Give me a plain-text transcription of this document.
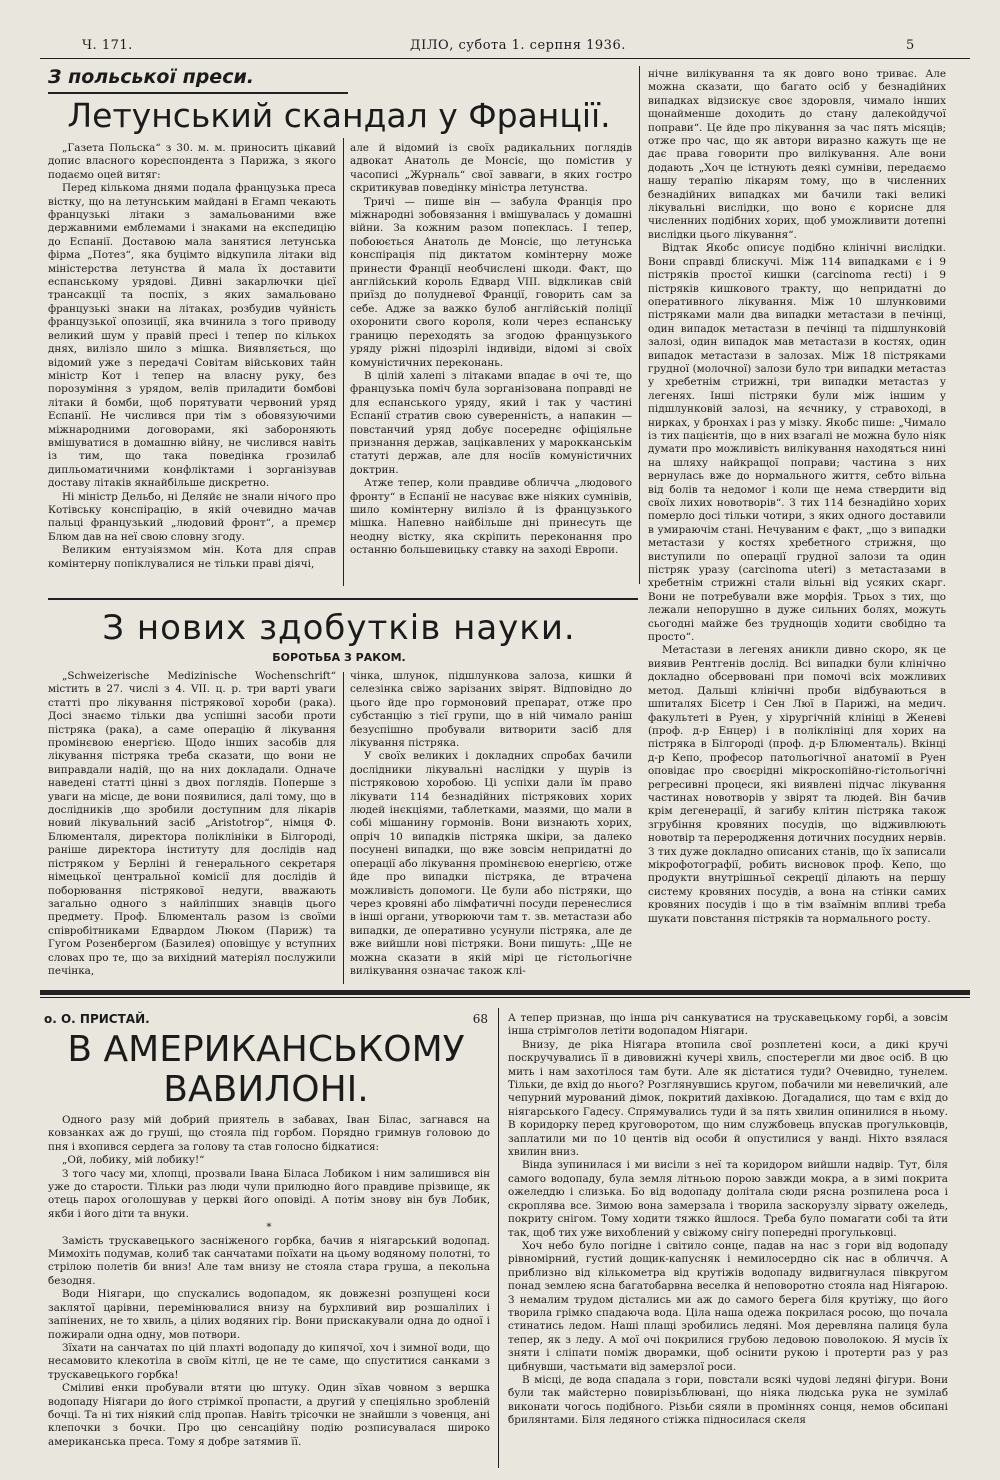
Ч. 171.	ДІЛО, субота 1. серпня 1936.	5
З польської преси.
Летунський скандал у Франції.

„Газета Польска“ з 30. м. м. приносить цікавий допис власного кореспондента з Парижа, з якого подаємо оцей витяг:

Перед кількома днями подала французька преса вістку, що на летунським майдані в Егамп чекають французькі літаки з замальованими вже державними емблемами і знаками на експедицію до Еспанії. Доставою мала занятися летунська фірма „Потез“, яка буцімто відкупила літаки від міністерства летунства й мала їх доставити еспанському урядові. Дивні закарлючки цієї трансакції та поспіх, з яких замальовано французькі знаки на літаках, розбудив чуйність французької опозиції, яка вчинила з того приводу великий шум у правій пресі і тепер по кількох днях, вилізло шило з мішка. Виявляється, що відомий уже з передачі Совітам військових тайн міністр Кот і тепер на власну руку, без порозуміння з урядом, велів приладити бомбові літаки й бомби, щоб порятувати червоний уряд Еспанії. Не числився при тім з обовязуючими міжнародними договорами, які забороняють вмішуватися в домашню війну, не числився навіть із тим, що така поведінка грозилаб дипльоматичними конфліктами і зорганізував доставу літаків якнайбільше дискретно.

Ні міністр Дельбо, ні Деляйє не знали нічого про Котівську конспірацію, в якій очевидно мачав пальці французький „людовий фронт“, а премєр Блюм дав на неї свою словну згоду.

Великим ентузіязмом мін. Кота для справ комінтерну попіклувалися не тільки праві діячі,

але й відомий із своїх радикальних поглядів адвокат Анатоль де Монсіє, що помістив у часописі „Журналь“ свої завваги, в яких гостро скритикував поведінку міністра летунства.

Тричі — пише він — забула Франція про міжнародні зобовязання і вмішувалась у домашні війни. За кожним разом попеклась. І тепер, побоюється Анатоль де Монсіє, що летунська конспірація під диктатом комінтерну може принести Франції необчислені шкоди. Факт, що англійський король Едвард VIII. відкликав свій приїзд до полудневої Франції, говорить сам за себе. Адже за важко булоб англійській поліції охоронити свого короля, коли через еспанську границю переходять за згодою французького уряду ріжні підозрілі індивіди, відомі зі своїх комуністичних переконань.

В цілій халепі з літаками впадає в очі те, що французька поміч була зорганізована поправді не для еспанського уряду, який і так у частині Еспанії стратив свою суверенність, а напакин — повстанчий уряд добує посереднє офіціяльне признання держав, зацікавлених у марокканськім статуті держав, але для носіїв комуністичних доктрин.

Атже тепер, коли правдиве обличча „людового фронту“ в Еспанії не насуває вже ніяких сумнівів, шило комінтерну вилізло й із французького мішка. Напевно найбільше дні принесуть ще неодну вістку, яка скріпить переконання про останню большевицьку ставку на заході Европи.

З нових здобутків науки.
БОРОТЬБА З РАКОМ.

„Schweizerische Medizinische Wochenschrift“ містить в 27. числі з 4. VII. ц. р. три варті уваги статті про лікування пістрякової хороби (рака). Досі знаємо тільки два успішні засоби проти пістряка (рака), а саме операцію й лікування промінєвою енергією. Щодо інших засобів для лікування пістряка треба сказати, що вони не виправдали надій, що на них докладали. Одначе наведені статті цінні з двох поглядів. Поперше з уваги на місце, де вони появилися, далі тому, що в дослідників ,що зробили доступним для лікарів новий лікувальний засіб „Aristotrop“, німця Ф. Блюменталя, директора поліклініки в Білгороді, раніше директора інституту для дослідів над пістряком у Берліні й генерального секретаря німецької центральної комісії для дослідів й поборювання пістрякової недуги, вважають загально одного з найліпших знавців цього предмету. Проф. Блюменталь разом із своїми співробітниками Едвардом Люком (Париж) та Гугом Розенбергом (Базилея) оповіщує у вступних словах про те, що за вихідний матеріял послужили печінка,

чінка, шлунок, підшлункова залоза, кишки й селезінка свіжо зарізаних звірят. Відповідно до цього йде про гормоновий препарат, отже про субстанцію з тієї групи, що в ній чимало раніш безуспішно пробували витворити засіб для лікування пістряка.

У своїх великих і докладних спробах бачили дослідники лікувальні наслідки у щурів із пістряковою хоробою. Ці успіхи дали їм право лікувати 114 безнадійних пістрякових хорих людей інєкціями, таблетками, мазями, що мали в собі мішанину гормонів. Вони визнають хорих, опріч 10 випадків пістряка шкіри, за далеко посунені випадки, що вже зовсім непридатні до операції або лікування промінєвою енергією, отже йде про випадки пістряка, де втрачена можливість допомоги. Це були або пістряки, що через кровяні або лімфатичні посуди перенеслися в інші органи, утворюючи там т. зв. метастази або випадки, де оперативно усунули пістряка, але де вже вийшли нові пістряки. Вони пишуть: „Ще не можна сказати в якій мірі це гістольогічне вилікування означає також клі-

нічне вилікування та як довго воно триває. Але можна сказати, що багато осіб у безнадійних випадках відзискує своє здоровля, чимало інших щонайменше доходить до стану далекойдучої поправи“. Це йде про лікування за час пять місяців; отже про час, що як автори виразно кажуть ще не дає права говорити про вилікування. Але вони додають „Хоч це істнують деякі сумніви, передаємо нашу терапію лікарям тому, що в численних безнадійних випадках ми бачили такі великі лікувальні вислідки, що воно є корисне для численних подібних хорих, щоб уможливити дотепні вислідки цього лікування“.

Відтак Якобс описує подібно клінічні вислідки. Вони справді блискучі. Між 114 випадками є і 9 пістряків простої кишки (carcinoma recti) і 9 пістряків кишкового тракту, що непридатні до оперативного лікування. Між 10 шлунковими пістряками мали два випадки метастази в печінці, один випадок метастази в печінці та підшлунковій залозі, один випадок мав метастази в костях, один випадок метастази в залозах. Між 18 пістряками грудної (молочної) залози було три випадки метастаз у хребетнім стрижні, три випадки метастаз у легенях. Інші пістряки були між іншим у підшлунковій залозі, на яєчнику, у стравоході, в нирках, у бронхах і раз у мізку. Якобс пише: „Чимало із тих пацієнтів, що в них взагалі не можна було ніяк думати про можливість вилікування находяться нині на шляху найкращої поправи; частина з них вернулась вже до нормального життя, себто вільна від болів та недомог і коли ще нема ствердити від своїх лихих новотворів“. З тих 114 безнадійно хорих померло досі тільки чотири, з яких одного доставили в умираючім стані. Нечуваним є факт, „що з випадки метастази у костях хребетного стрижня, що виступили по операції грудної залози та один пістряк уразу (carcinoma uteri) з метастазами в хребетнім стрижні стали вільні від усяких скарг. Вони не потребували вже морфія. Трьох з тих, що лежали непорушно в дуже сильних болях, можуть сьогодні майже без труднощів ходити свобідно та просто“.

Метастази в легенях аникли дивно скоро, як це виявив Рентгенів дослід. Всі випадки були клінічно докладно обсервовані при помочі всіх можливих метод. Дальші клінічні проби відбуваються в шпиталях Бісетр і Сен Люї в Парижі, на медич. факультеті в Руен, у хірургічній клініці в Женеві (проф. д-р Енцер) і в поліклініці для хорих на пістряка в Білгороді (проф. д-р Блюменталь). Вкінці д-р Кепо, професор патольогічної анатомії в Руен оповідає про своєрідні мікроскопійно-гістольогічні регресивні процеси, які виявлені підчас лікування частинах новотворів у звірят та людей. Він бачив крім дегенерації, й загибу клітин пістряка також згрубіння кровяних посудів, що відживлюють новотвір та переродження дотичних посудних нервів. З тих дуже докладно описаних станів, що їх записали мікрофотографії, робить висновок проф. Кепо, що продукти внутрішньої секреції ділають на першу систему кровяних посудів, а вона на стінки самих кровяних посудів і що в тім взаїмнім впливі треба шукати повстання пістряків та нормального росту.

о. О. ПРИСТАЙ.	68
В АМЕРИКАНСЬКОМУ
ВАВИЛОНІ.

Одного разу мій добрий приятель в забавах, Іван Білас, загнався на ковзанках аж до груші, що стояла під горбом. Порядно гримнув головою до пня і вхопився сердега за голову та став голосно бідкатися:

„Ой, лобику, мій лобику!“

З того часу ми, хлопці, прозвали Івана Біласа Лобиком і ним залишився він уже до старости. Тільки раз люди чули прилюдно його правдиве прізвище, як отець парох оголошував у церкві його оповіді. А потім знову він був Лобик, якби і його діти та внуки.

*

Замість трускавецького засніженого горбка, бачив я ніягарський водопад. Мимохіть подумав, колиб так санчатами поїхати на цьому водяному полотні, то стрілою полетів би вниз! Але там внизу не стояла стара груша, а пекольна безодня.

Води Ніягари, що спускались водопадом, як довжезні розпущені коси заклятої царівни, перемінювалися внизу на бурхливий вир розшалілих і запінених, не то хвиль, а цілих водяних гір. Вони прискакували одна до одної і пожирали одна одну, мов потвори.

Зїхати на санчатах по цій плахті водопаду до кипячої, хоч і зимної води, що несамовито клекотіла в своїм кітлі, це не те саме, що спуститися санками з трускавецького горбка!

Сміливі енки пробували втяти цю штуку. Один зїхав човном з вершка водопаду Ніягари до його стрімкої пропасти, а другий у спеціяльно зробленій бочці. Та ні тих ніякий слід пропав. Навіть трісочки не знайшли з човенця, ані клепочки з бочки. Про цю сенсаційну подію розписувалася широко американська преса. Тому я добре затямив її.

А тепер признав, що інша річ санкуватися на трускавецькому горбі, а зовсім інша стрімголов летіти водопадом Ніягари.

Внизу, де ріка Ніягара втопила свої розплетені коси, а дикі кручі поскручувались її в дивовижні кучері хвиль, спостерегли ми двоє осіб. В цю мить і нам захотілося там бути. Але як дістатися туди? Очевидно, тунелем. Тільки, де вхід до нього? Розглянувшись кругом, побачили ми невеличкий, але чепурний мурований дімок, покритий дахівкою. Догадалися, що там є вхід до ніягарського Гадесу. Спрямувались туди й за пять хвилин опинилися в ньому. В коридорку перед круговоротом, що ним службовець впускав прогульковців, заплатили ми по 10 центів від особи й опустилися у ванді. Ніхто взялася хвилин вниз.

Вінда зупинилася і ми висіли з неї та коридором вийшли надвір. Тут, біля самого водопаду, була земля літньою порою завжди мокра, а в зимі покрита ожеледдю і слизька. Бо від водопаду долітала сюди рясна розпилена роса і скроплява все. Зимою вона замерзала і творила заскорузлу зірвату ожеледь, покриту снігом. Тому ходити тяжко йшлося. Треба було помагати собі та йти так, щоб тих уже вихоблений у свіжому снігу попередні прогульковці.

Хоч небо було погідне і світило сонце, падав на нас з гори від водопаду рівномірний, густий дощик-капусняк і немилосердно сік нас в обличчя. А приблизно від кількометра від крутіжів водопаду видвигнулася півкругом понад землею ясна багатобарвна веселка й неповоротно стояла над Ніягарою. З немалим трудом дістались ми аж до самого берега біля крутіжу, що його творила грімко спадаюча вода. Ціла наша одежа покрилася росою, що почала стинатись ледом. Наші плащі зробились ледяні. Моя деревляна палиця була тепер, як з леду. А мої очі покрилися грубою ледовою поволокою. Я мусів їх зняти і сліпати поміж дворамки, щоб осінити рукою і протерти раз у раз цибнувши, частьмати від замерзлої роси.

В місці, де вода спадала з гори, повстали всякі чудові ледяні фігури. Вони були так майстерно повирізьблювані, що ніяка людська рука не зумілаб виконати чогось подібного. Різьби сяяли в проміннях сонця, немов обсипані брилянтами. Біля ледяного стіжка підносилася скеля
